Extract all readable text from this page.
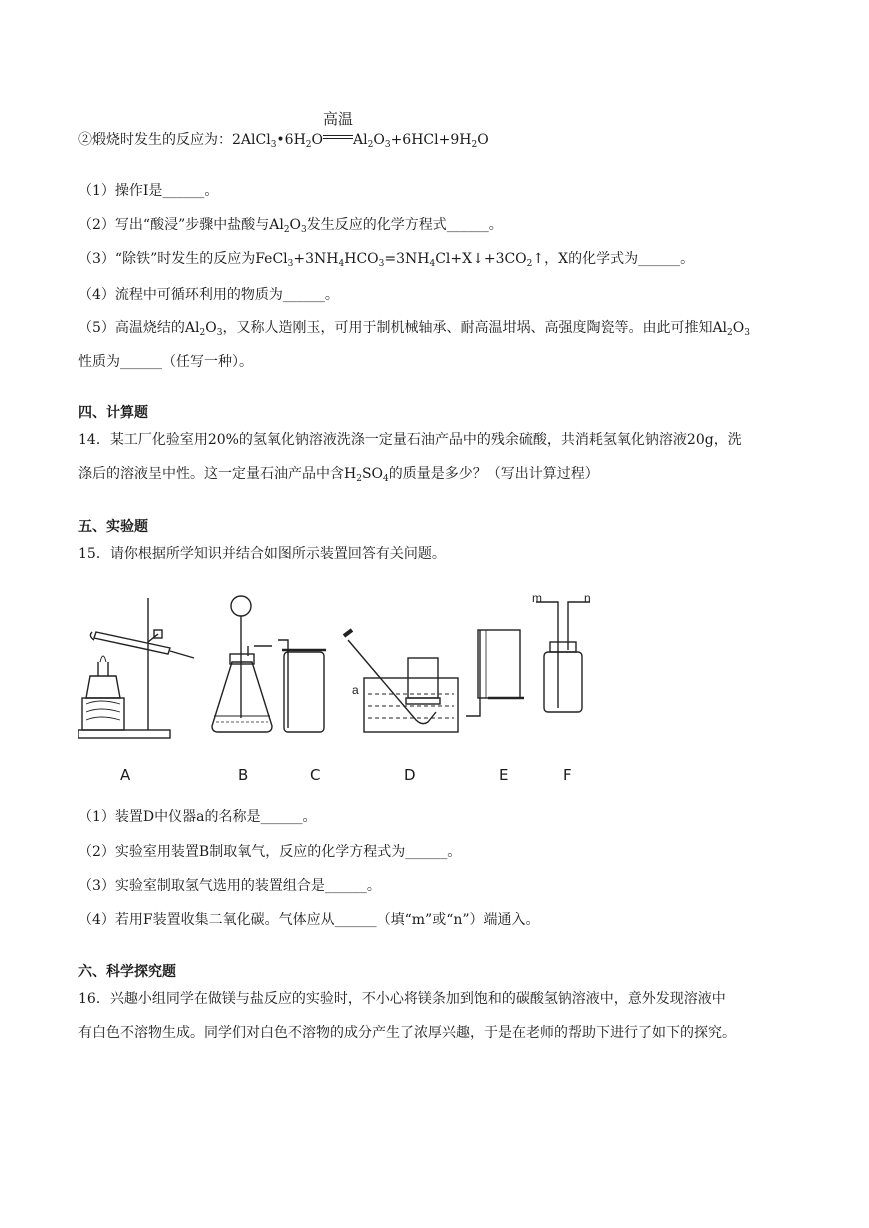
②煅烧时发生的反应为：$2AlCl_3•6H_2O$
高温
$Al_2O_3+6HCl+9H_2O$
（1）操作Ⅰ是______。
（2）写出“酸浸”步骤中盐酸与$Al_2O_3$发生反应的化学方程式______。
（3）“除铁”时发生的反应为$FeCl_3+3NH_4HCO_3=3NH_4Cl+X↓+3CO_2↑$，X的化学式为______。
（4）流程中可循环利用的物质为______。
（5）高温烧结的$Al_2O_3$，又称人造刚玉，可用于制机械轴承、耐高温坩埚、高强度陶瓷等。由此可推知$Al_2O_3$
性质为______（任写一种）。
四、计算题
14．某工厂化验室用20%的氢氧化钠溶液洗涤一定量石油产品中的残余硫酸，共消耗氢氧化钠溶液20g，洗
涤后的溶液呈中性。这一定量石油产品中含$H_2SO_4$的质量是多少？（写出计算过程）
五、实验题
15．请你根据所学知识并结合如图所示装置回答有关问题。
a
m	n
A	B	C	D	E	F
（1）装置D中仪器a的名称是______。
（2）实验室用装置B制取氧气，反应的化学方程式为______。
（3）实验室制取氢气选用的装置组合是______。
（4）若用F装置收集二氧化碳。气体应从______（填“m”或“n”）端通入。
六、科学探究题
16．兴趣小组同学在做镁与盐反应的实验时，不小心将镁条加到饱和的碳酸氢钠溶液中，意外发现溶液中
有白色不溶物生成。同学们对白色不溶物的成分产生了浓厚兴趣，于是在老师的帮助下进行了如下的探究。
